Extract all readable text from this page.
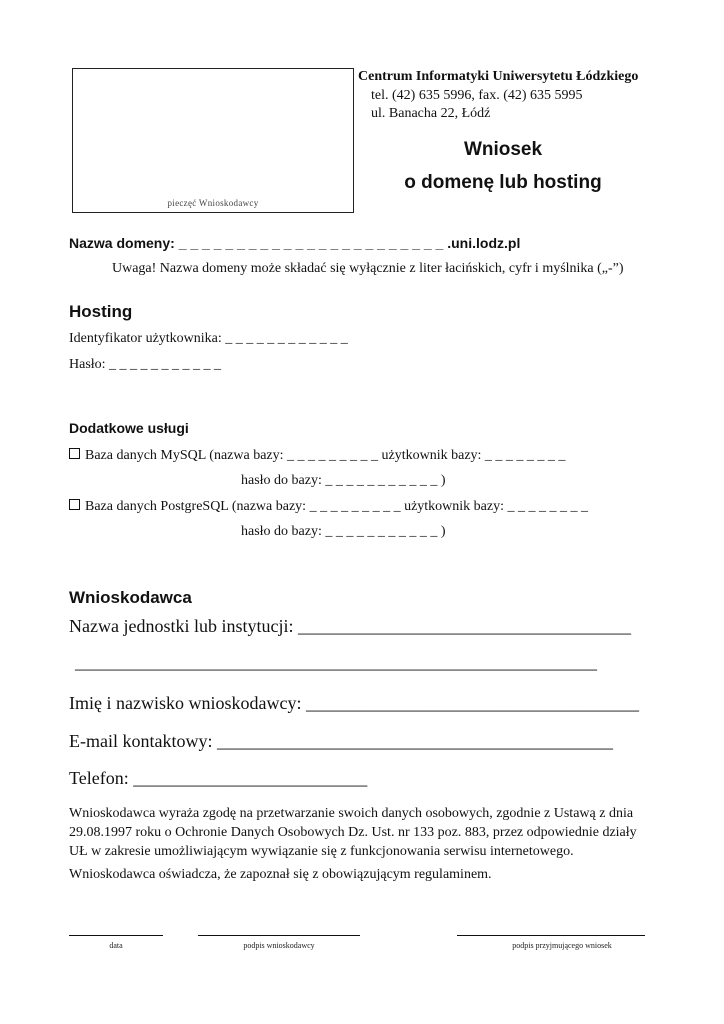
pieczęć Wnioskodawcy
Centrum Informatyki Uniwersytetu Łódzkiego
tel. (42) 635 5996, fax. (42) 635 5995
ul. Banacha 22, Łódź
Wniosek
o domenę lub hosting
Nazwa domeny: _ _ _ _ _ _ _ _ _ _ _ _ _ _ _ _ _ _ _ _ _ _ _ .uni.lodz.pl
Uwaga! Nazwa domeny może składać się wyłącznie z liter łacińskich, cyfr i myślnika („-”)
Hosting
Identyfikator użytkownika: _ _ _ _ _ _ _ _ _ _ _ _
Hasło: _ _ _ _ _ _ _ _ _ _ _
Dodatkowe usługi
Baza danych MySQL (nazwa bazy: _ _ _ _ _ _ _ _ _ użytkownik bazy: _ _ _ _ _ _ _ _
hasło do bazy: _ _ _ _ _ _ _ _ _ _ _ )
Baza danych PostgreSQL (nazwa bazy: _ _ _ _ _ _ _ _ _ użytkownik bazy: _ _ _ _ _ _ _ _
hasło do bazy: _ _ _ _ _ _ _ _ _ _ _ )
Wnioskodawca
Nazwa jednostki lub instytucji: _____________________________________
__________________________________________________________
Imię i nazwisko wnioskodawcy: _____________________________________
E-mail kontaktowy: ____________________________________________
Telefon: __________________________
Wnioskodawca wyraża zgodę na przetwarzanie swoich danych osobowych, zgodnie z Ustawą z dnia
29.08.1997 roku o Ochronie Danych Osobowych Dz. Ust. nr 133 poz. 883, przez odpowiednie działy
UŁ w zakresie umożliwiającym wywiązanie się z funkcjonowania serwisu internetowego.
Wnioskodawca oświadcza, że zapoznał się z obowiązującym regulaminem.
data	podpis wnioskodawcy	podpis przyjmującego wniosek
